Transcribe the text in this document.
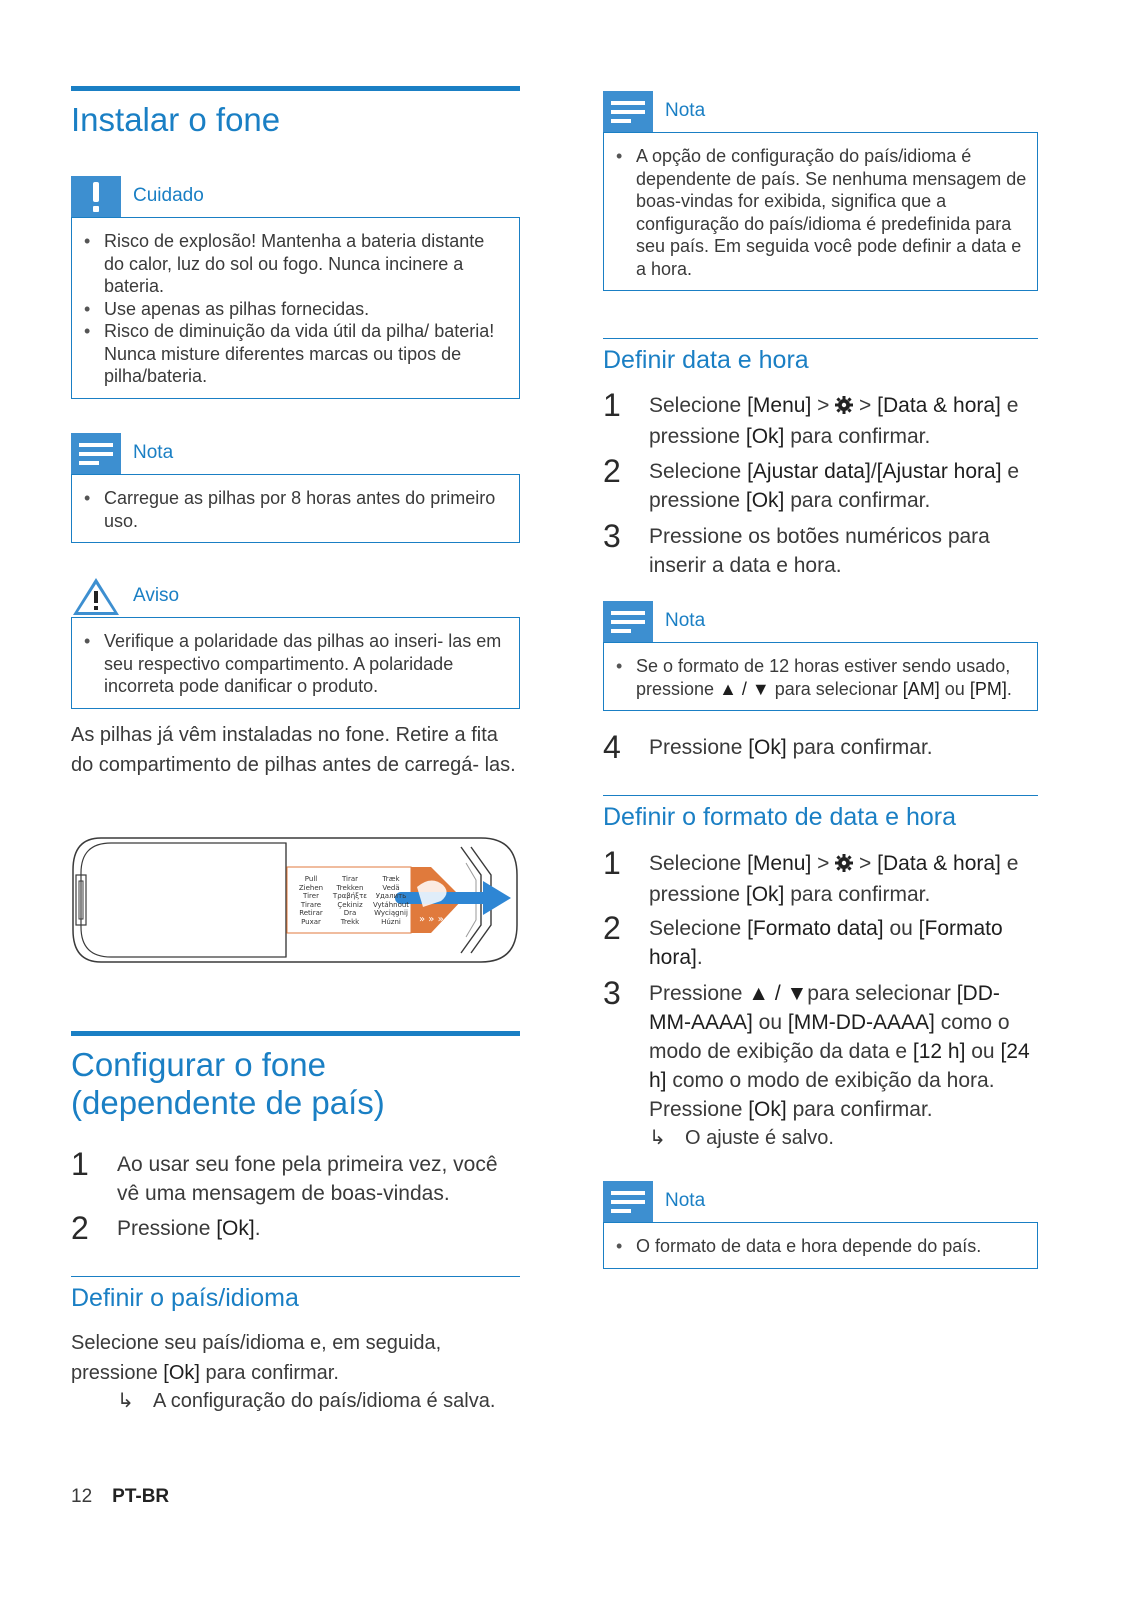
Instalar o fone
Cuidado
• Risco de explosão! Mantenha a bateria distante do calor, luz do sol ou fogo. Nunca incinere a bateria.
• Use apenas as pilhas fornecidas.
• Risco de diminuição da vida útil da pilha/ bateria! Nunca misture diferentes marcas ou tipos de pilha/bateria.
Nota
• Carregue as pilhas por 8 horas antes do primeiro uso.
Aviso
• Verifique a polaridade das pilhas ao inseri- las em seu respectivo compartimento. A polaridade incorreta pode danificar o produto.
As pilhas já vêm instaladas no fone. Retire a fita do compartimento de pilhas antes de carregá- las.
» » »
Pull
Ziehen
Tirer
Tirare
Retirar
Puxar
Tirar
Trekken
Τραβήξτε
Çekiniz
Dra
Trekk
Træk
Vedä
Удалить
Vytáhnout
Wyciągnij
Húzni
Configurar o fone
(dependente de país)
1 Ao usar seu fone pela primeira vez, você vê uma mensagem de boas-vindas.
2 Pressione [Ok].
Definir o país/idioma
Selecione seu país/idioma e, em seguida, pressione [Ok] para confirmar.
↳ A configuração do país/idioma é salva.
Nota
• A opção de configuração do país/idioma é dependente de país. Se nenhuma mensagem de boas-vindas for exibida, significa que a configuração do país/idioma é predefinida para seu país. Em seguida você pode definir a data e a hora.
Definir data e hora
1 Selecione [Menu] >  > [Data & hora] e pressione [Ok] para confirmar.
2 Selecione [Ajustar data]/[Ajustar hora] e pressione [Ok] para confirmar.
3 Pressione os botões numéricos para inserir a data e hora.
Nota
• Se o formato de 12 horas estiver sendo usado, pressione ▲ / ▼ para selecionar [AM] ou [PM].
4 Pressione [Ok] para confirmar.
Definir o formato de data e hora
1 Selecione [Menu] >  > [Data & hora] e pressione [Ok] para confirmar.
2 Selecione [Formato data] ou [Formato hora].
3 Pressione ▲ / ▼para selecionar [DD-MM-AAAA] ou [MM-DD-AAAA] como o modo de exibição da data e [12 h] ou [24 h] como o modo de exibição da hora. Pressione [Ok] para confirmar.
↳ O ajuste é salvo.
Nota
• O formato de data e hora depende do país.
12 PT-BR
